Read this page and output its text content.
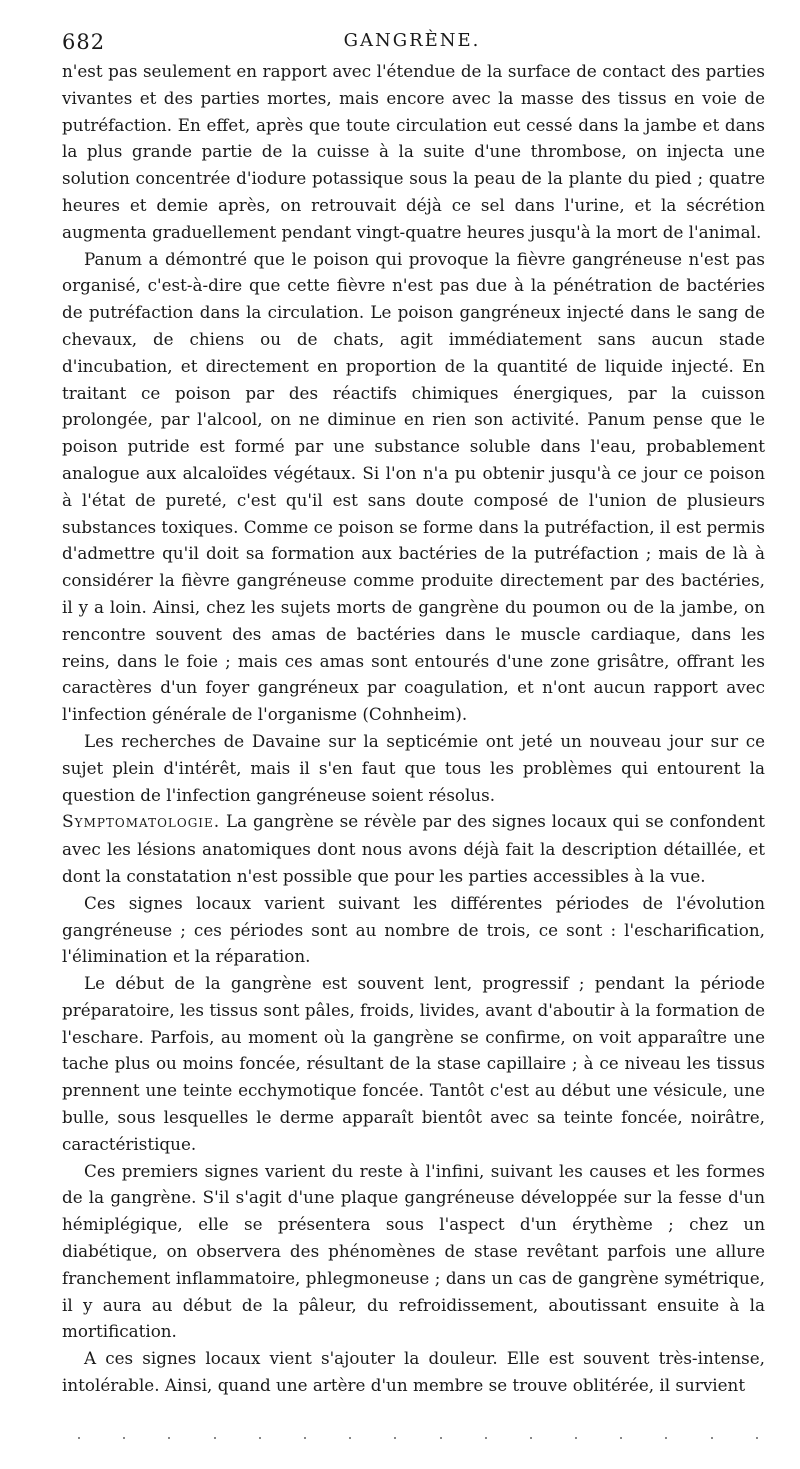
682	GANGRÈNE.

n'est pas seulement en rapport avec l'étendue de la surface de contact des parties vivantes et des parties mortes, mais encore avec la masse des tissus en voie de putréfaction. En effet, après que toute circulation eut cessé dans la jambe et dans la plus grande partie de la cuisse à la suite d'une thrombose, on injecta une solution concentrée d'iodure potassique sous la peau de la plante du pied ; quatre heures et demie après, on retrouvait déjà ce sel dans l'urine, et la sécrétion augmenta graduellement pendant vingt-quatre heures jusqu'à la mort de l'animal.

Panum a démontré que le poison qui provoque la fièvre gangréneuse n'est pas organisé, c'est-à-dire que cette fièvre n'est pas due à la pénétration de bactéries de putréfaction dans la circulation. Le poison gangréneux injecté dans le sang de chevaux, de chiens ou de chats, agit immédiatement sans aucun stade d'incubation, et directement en proportion de la quantité de liquide injecté. En traitant ce poison par des réactifs chimiques énergiques, par la cuisson prolongée, par l'alcool, on ne diminue en rien son activité. Panum pense que le poison putride est formé par une substance soluble dans l'eau, probablement analogue aux alcaloïdes végétaux. Si l'on n'a pu obtenir jusqu'à ce jour ce poison à l'état de pureté, c'est qu'il est sans doute composé de l'union de plusieurs substances toxiques. Comme ce poison se forme dans la putréfaction, il est permis d'admettre qu'il doit sa formation aux bactéries de la putréfaction ; mais de là à considérer la fièvre gangréneuse comme produite directement par des bactéries, il y a loin. Ainsi, chez les sujets morts de gangrène du poumon ou de la jambe, on rencontre souvent des amas de bactéries dans le muscle cardiaque, dans les reins, dans le foie ; mais ces amas sont entourés d'une zone grisâtre, offrant les caractères d'un foyer gangréneux par coagulation, et n'ont aucun rapport avec l'infection générale de l'organisme (Cohnheim).

Les recherches de Davaine sur la septicémie ont jeté un nouveau jour sur ce sujet plein d'intérêt, mais il s'en faut que tous les problèmes qui entourent la question de l'infection gangréneuse soient résolus.

Symptomatologie. La gangrène se révèle par des signes locaux qui se confondent avec les lésions anatomiques dont nous avons déjà fait la description détaillée, et dont la constatation n'est possible que pour les parties accessibles à la vue.

Ces signes locaux varient suivant les différentes périodes de l'évolution gangréneuse ; ces périodes sont au nombre de trois, ce sont : l'escharification, l'élimination et la réparation.

Le début de la gangrène est souvent lent, progressif ; pendant la période préparatoire, les tissus sont pâles, froids, livides, avant d'aboutir à la formation de l'eschare. Parfois, au moment où la gangrène se confirme, on voit apparaître une tache plus ou moins foncée, résultant de la stase capillaire ; à ce niveau les tissus prennent une teinte ecchymotique foncée. Tantôt c'est au début une vésicule, une bulle, sous lesquelles le derme apparaît bientôt avec sa teinte foncée, noirâtre, caractéristique.

Ces premiers signes varient du reste à l'infini, suivant les causes et les formes de la gangrène. S'il s'agit d'une plaque gangréneuse développée sur la fesse d'un hémiplégique, elle se présentera sous l'aspect d'un érythème ; chez un diabétique, on observera des phénomènes de stase revêtant parfois une allure franchement inflammatoire, phlegmoneuse ; dans un cas de gangrène symétrique, il y aura au début de la pâleur, du refroidissement, aboutissant ensuite à la mortification.

A ces signes locaux vient s'ajouter la douleur. Elle est souvent très-intense, intolérable. Ainsi, quand une artère d'un membre se trouve oblitérée, il survient
